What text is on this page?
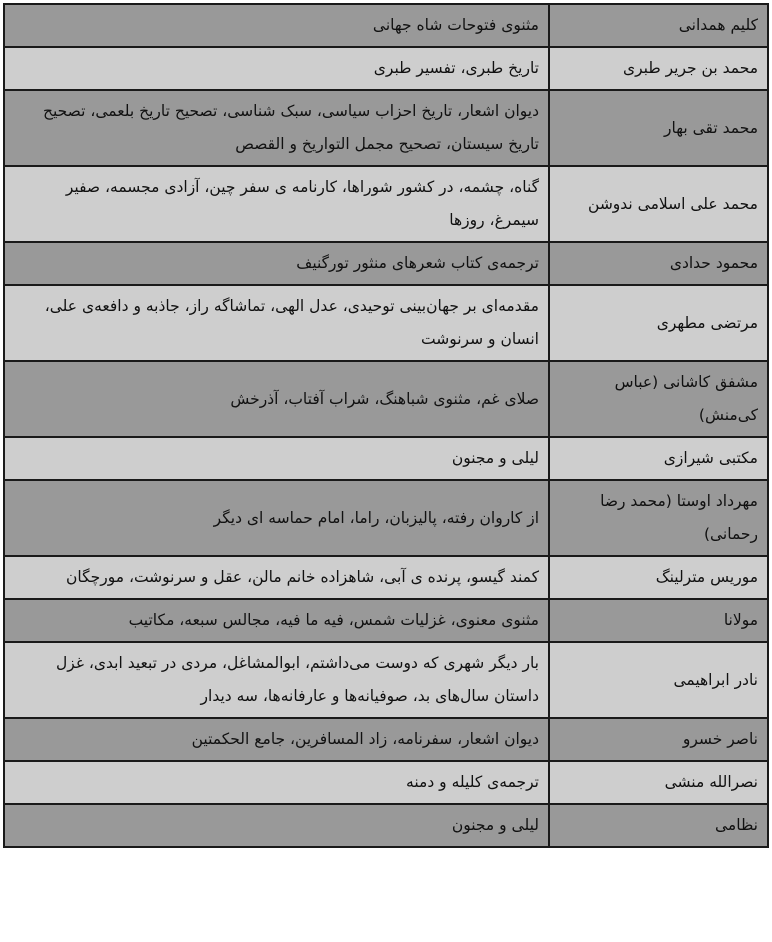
کلیم همدانی	مثنوی فتوحات شاه جهانی
محمد بن جریر طبری	تاریخ طبری، تفسیر طبری
محمد تقی بهار	دیوان اشعار، تاریخ احزاب سیاسی، سبک شناسی، تصحیح تاریخ بلعمی، تصحیح تاریخ سیستان، تصحیح مجمل التواریخ و القصص
محمد علی اسلامی ندوشن	گناه، چشمه، در کشور شوراها، کارنامه ی سفر چین، آزادی مجسمه، صفیر سیمرغ، روزها
محمود حدادی	ترجمه‌ی کتاب شعرهای منثور تورگنیف
مرتضی مطهری	مقدمه‌ای بر جهان‌بینی توحیدی، عدل الهی، تماشاگه راز، جاذبه و دافعه‌ی علی، انسان و سرنوشت
مشفق کاشانی (عباس کی‌منش)	صلای غم، مثنوی شباهنگ، شراب آفتاب، آذرخش
مکتبی شیرازی	لیلی و مجنون
مهرداد اوستا (محمد رضا رحمانی)	از کاروان رفته، پالیزبان، راما، امام حماسه ای دیگر
موریس مترلینگ	کمند گیسو، پرنده ی آبی، شاهزاده خانم مالن، عقل و سرنوشت، مورچگان
مولانا	مثنوی معنوی، غزلیات شمس، فیه ما فیه، مجالس سبعه، مکاتیب
نادر ابراهیمی	بار دیگر شهری که دوست می‌داشتم، ابوالمشاغل، مردی در تبعید ابدی، غزل داستان سال‌های بد، صوفیانه‌ها و عارفانه‌ها، سه دیدار
ناصر خسرو	دیوان اشعار، سفرنامه، زاد المسافرین، جامع الحکمتین
نصرالله منشی	ترجمه‌ی کلیله و دمنه
نظامی	لیلی و مجنون
